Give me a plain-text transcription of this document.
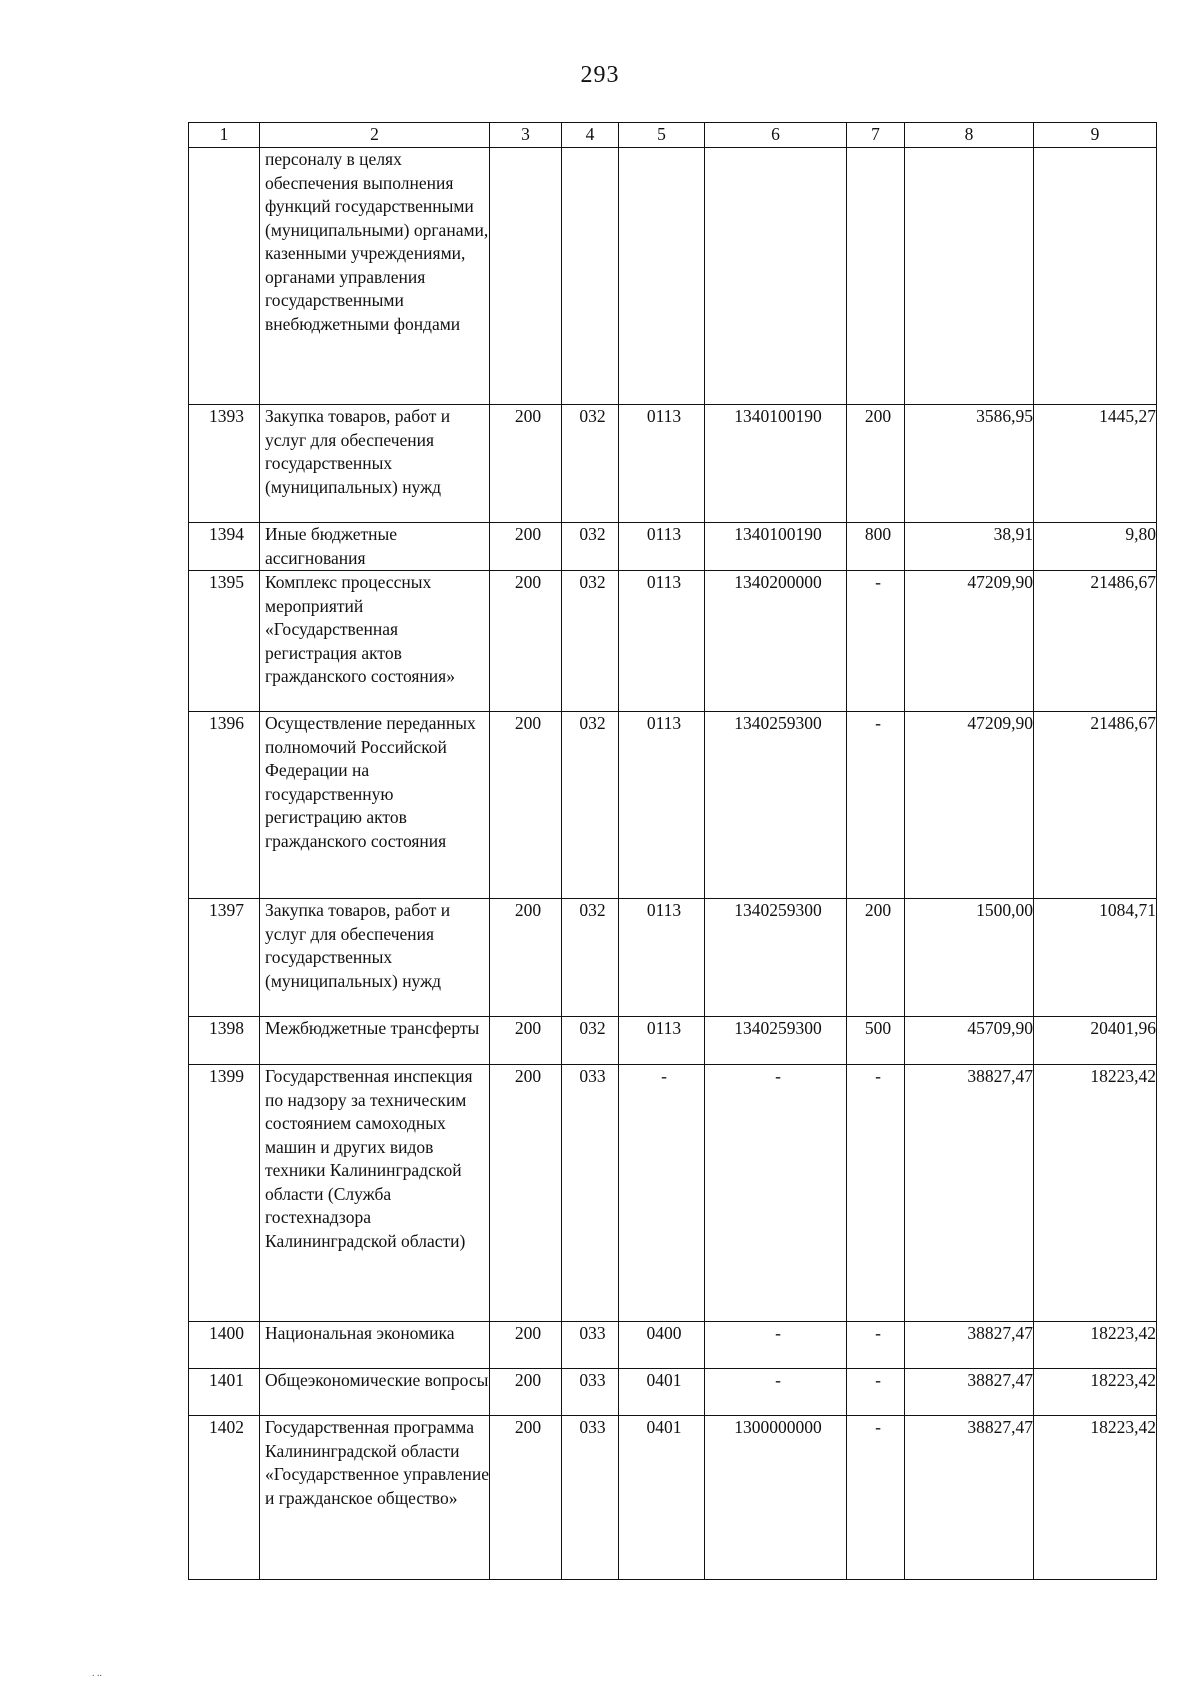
293
1	2	3	4	5	6	7	8	9
	персоналу в целях обеспечения выполнения функций государственными (муниципальными) органами, казенными учреждениями, органами управления государственными внебюджетными фондами							
1393	Закупка товаров, работ и услуг для обеспечения государственных (муниципальных) нужд	200	032	0113	1340100190	200	3586,95	1445,27
1394	Иные бюджетные ассигнования	200	032	0113	1340100190	800	38,91	9,80
1395	Комплекс процессных мероприятий «Государственная регистрация актов гражданского состояния»	200	032	0113	1340200000	-	47209,90	21486,67
1396	Осуществление переданных полномочий Российской Федерации на государственную регистрацию актов гражданского состояния	200	032	0113	1340259300	-	47209,90	21486,67
1397	Закупка товаров, работ и услуг для обеспечения государственных (муниципальных) нужд	200	032	0113	1340259300	200	1500,00	1084,71
1398	Межбюджетные трансферты	200	032	0113	1340259300	500	45709,90	20401,96
1399	Государственная инспекция по надзору за техническим состоянием самоходных машин и других видов техники Калининградской области (Служба гостехнадзора Калининградской области)	200	033	-	-	-	38827,47	18223,42
1400	Национальная экономика	200	033	0400	-	-	38827,47	18223,42
1401	Общеэкономические вопросы	200	033	0401	-	-	38827,47	18223,42
1402	Государственная программа Калининградской области «Государственное управление и гражданское общество»	200	033	0401	1300000000	-	38827,47	18223,42
. ..
